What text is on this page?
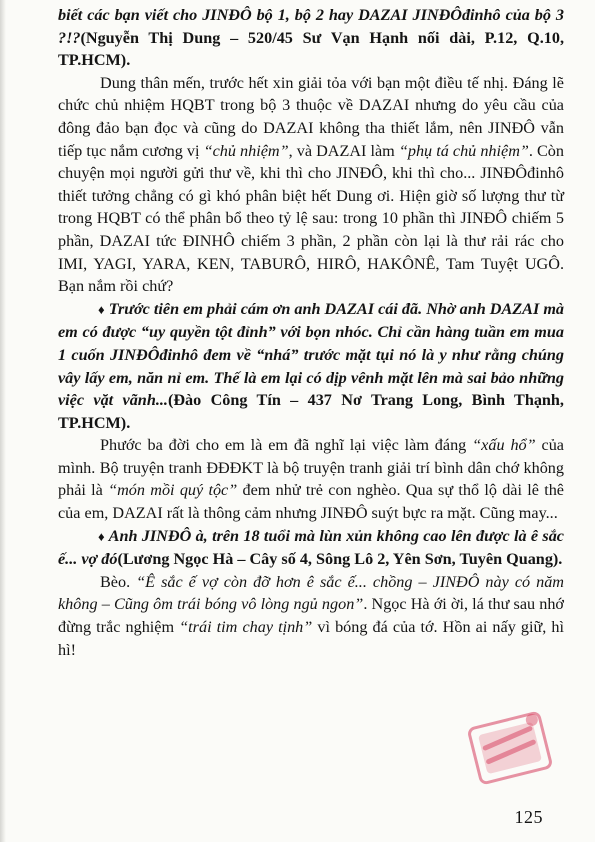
biết các bạn viết cho JINĐÔ bộ 1, bộ 2 hay DAZAI JINĐÔđinhô của bộ 3 ?!?(Nguyễn Thị Dung – 520/45 Sư Vạn Hạnh nối dài, P.12, Q.10, TP.HCM).

Dung thân mến, trước hết xin giải tỏa với bạn một điều tế nhị. Đáng lẽ chức chủ nhiệm HQBT trong bộ 3 thuộc về DAZAI nhưng do yêu cầu của đông đảo bạn đọc và cũng do DAZAI không tha thiết lắm, nên JINĐÔ vẫn tiếp tục nắm cương vị “chủ nhiệm”, và DAZAI làm “phụ tá chủ nhiệm”. Còn chuyện mọi người gửi thư về, khi thì cho JINĐÔ, khi thì cho... JINĐÔđinhô thiết tưởng chẳng có gì khó phân biệt hết Dung ơi. Hiện giờ số lượng thư từ trong HQBT có thể phân bổ theo tỷ lệ sau: trong 10 phần thì JINĐÔ chiếm 5 phần, DAZAI tức ĐINHÔ chiếm 3 phần, 2 phần còn lại là thư rải rác cho IMI, YAGI, YARA, KEN, TABURÔ, HIRÔ, HAKÔNÊ, Tam Tuyệt UGÔ. Bạn nắm rồi chứ?

♦ Trước tiên em phải cám ơn anh DAZAI cái đã. Nhờ anh DAZAI mà em có được “uy quyền tột đỉnh” với bọn nhóc. Chỉ cần hàng tuần em mua 1 cuốn JINĐÔđinhô đem về “nhá” trước mặt tụi nó là y như rằng chúng vây lấy em, năn nỉ em. Thế là em lại có dịp vênh mặt lên mà sai bảo những việc vặt vãnh...(Đào Công Tín – 437 Nơ Trang Long, Bình Thạnh, TP.HCM).

Phước ba đời cho em là em đã nghĩ lại việc làm đáng “xấu hổ” của mình. Bộ truyện tranh ĐĐĐKT là bộ truyện tranh giải trí bình dân chớ không phải là “món mồi quý tộc” đem nhử trẻ con nghèo. Qua sự thổ lộ dài lê thê của em, DAZAI rất là thông cảm nhưng JINĐÔ suýt bực ra mặt. Cũng may...

♦ Anh JINĐÔ à, trên 18 tuổi mà lùn xủn không cao lên được là ê sắc ế... vợ đó(Lương Ngọc Hà – Cây số 4, Sông Lô 2, Yên Sơn, Tuyên Quang).

Bèo. “Ê sắc ế vợ còn đỡ hơn ê sắc ế... chồng – JINĐÔ này có năm không – Cũng ôm trái bóng vô lòng ngủ ngon”. Ngọc Hà ới ời, lá thư sau nhớ đừng trắc nghiệm “trái tim chay tịnh” vì bóng đá của tớ. Hồn ai nấy giữ, hì hì!

125
